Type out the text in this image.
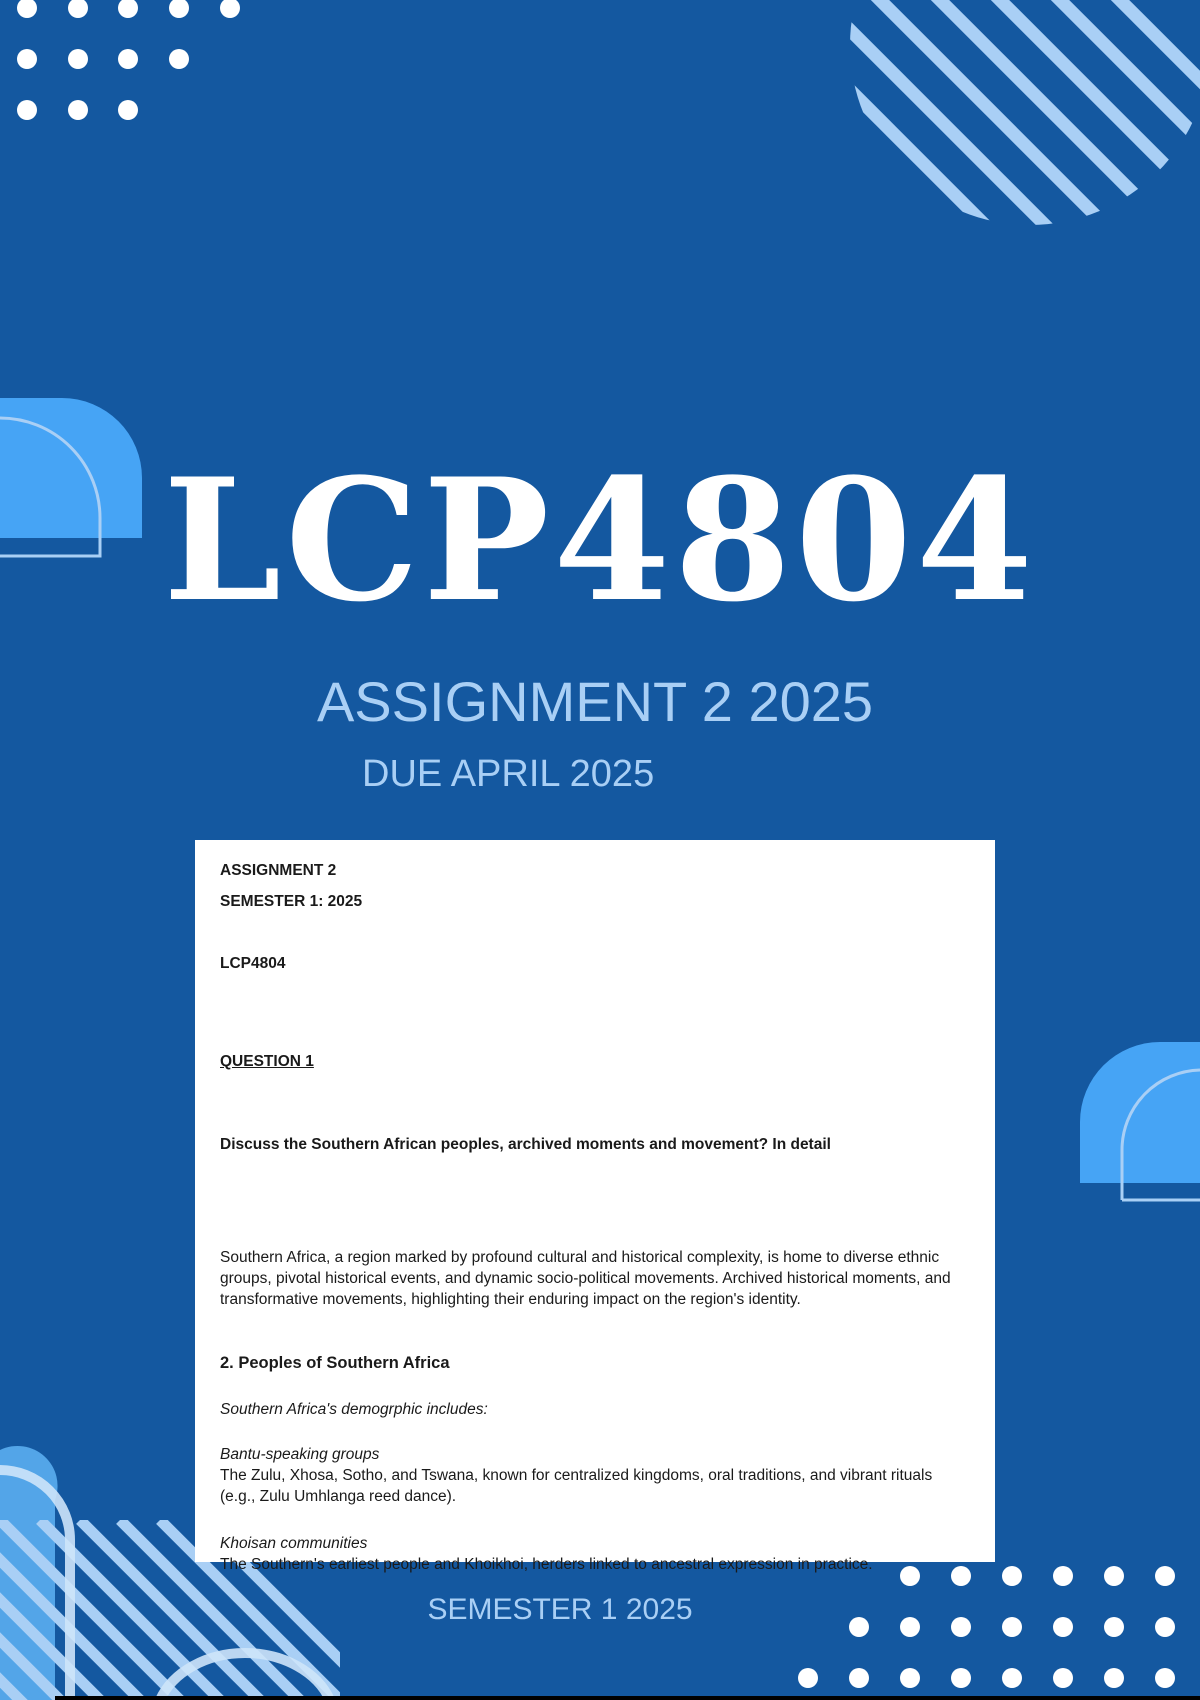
LCP4804
ASSIGNMENT 2 2025
DUE APRIL 2025

ASSIGNMENT 2

SEMESTER 1: 2025

LCP4804

QUESTION 1

Discuss the Southern African peoples, archived moments and movement? In detail

Southern Africa, a region marked by profound cultural and historical complexity, is home to diverse ethnic groups, pivotal historical events, and dynamic socio-political movements. Archived historical moments, and transformative movements, highlighting their enduring impact on the region's identity.

2. Peoples of Southern Africa

Southern Africa's demogrphic includes:

Bantu-speaking groups

The Zulu, Xhosa, Sotho, and Tswana, known for centralized kingdoms, oral traditions, and vibrant rituals (e.g., Zulu Umhlanga reed dance).

Khoisan communities

The Southern's earliest people and Khoikhoi, herders linked to ancestral expression in practice.

SEMESTER 1 2025
